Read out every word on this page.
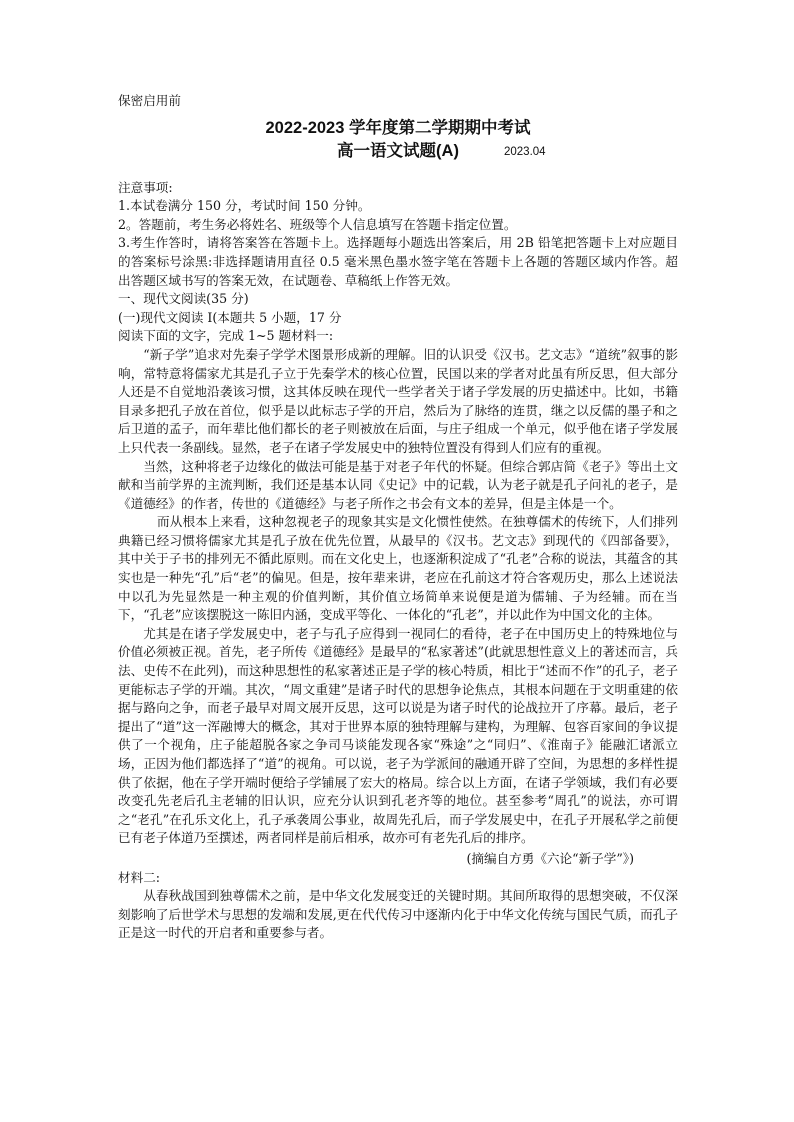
保密启用前

2022-2023 学年度第二学期期中考试

高一语文试题(A)	2023.04

注意事项:

1.本试卷满分 150 分，考试时间 150 分钟。

2。答题前，考生务必将姓名、班级等个人信息填写在答题卡指定位置。

3.考生作答时，请将答案答在答题卡上。选择题每小题选出答案后，用 2B 铅笔把答题卡上对应题目的答案标号涂黑:非选择题请用直径 0.5 毫米黑色墨水签字笔在答题卡上各题的答题区域内作答。超出答题区域书写的答案无效，在试题卷、草稿纸上作答无效。

一、现代文阅读(35 分)

(一)现代文阅读 I(本题共 5 小题，17 分

阅读下面的文字，完成 1~5 题材料一:

“新子学”追求对先秦子学学术图景形成新的理解。旧的认识受《汉书。艺文志》“道统”叙事的影响，常特意将儒家尤其是孔子立于先秦学术的核心位置，民国以来的学者对此虽有所反思，但大部分人还是不自觉地沿袭该习惯，这其体反映在现代一些学者关于诸子学发展的历史描述中。比如，书籍目录多把孔子放在首位，似乎是以此标志子学的开启，然后为了脉络的连贯，继之以反儒的墨子和之后卫道的孟子，而年辈比他们都长的老子则被放在后面，与庄子组成一个单元，似乎他在诸子学发展上只代表一条副线。显然，老子在诸子学发展史中的独特位置没有得到人们应有的重视。

当然，这种将老子边缘化的做法可能是基于对老子年代的怀疑。但综合郭店简《老子》等出土文献和当前学界的主流判断，我们还是基本认同《史记》中的记载，认为老子就是孔子问礼的老子，是《道德经》的作者，传世的《道德经》与老子所作之书会有文本的差异，但是主体是一个。

而从根本上来看，这种忽视老子的现象其实是文化惯性使然。在独尊儒术的传统下，人们排列典籍已经习惯将儒家尤其是孔子放在优先位置，从最早的《汉书。艺文志》到现代的《四部备要》，其中关于子书的排列无不循此原则。而在文化史上，也逐渐积淀成了“孔老”合称的说法，其蕴含的其实也是一种先“孔”后“老”的偏见。但是，按年辈来讲，老应在孔前这才符合客观历史，那么上述说法中以孔为先显然是一种主观的价值判断，其价值立场简单来说便是道为儒辅、子为经辅。而在当下，“孔老”应该摆脱这一陈旧内涵，变成平等化、一体化的“孔老”，并以此作为中国文化的主体。

尤其是在诸子学发展史中，老子与孔子应得到一视同仁的看待，老子在中国历史上的特殊地位与价值必须被正视。首先，老子所传《道德经》是最早的“私家著述”(此就思想性意义上的著述而言，兵法、史传不在此列)，而这种思想性的私家著述正是子学的核心特质，相比于“述而不作”的孔子，老子更能标志子学的开端。其次，“周文重建”是诸子时代的思想争论焦点，其根本问题在于文明重建的依据与路向之争，而老子最早对周文展开反思，这可以说是为诸子时代的论战拉开了序幕。最后，老子提出了“道”这一浑融博大的概念，其对于世界本原的独特理解与建构，为理解、包容百家间的争议提供了一个视角，庄子能超脱各家之争司马谈能发现各家“殊途”之“同归”、《淮南子》能融汇诸派立场，正因为他们都选择了“道”的视角。可以说，老子为学派间的融通开辟了空间，为思想的多样性提供了依据，他在子学开端时便给子学铺展了宏大的格局。综合以上方面，在诸子学领域，我们有必要改变孔先老后孔主老辅的旧认识，应充分认识到孔老齐等的地位。甚至参考“周孔”的说法，亦可谓之“老孔”在孔乐文化上，孔子承袭周公事业，故周先孔后，而子学发展史中，在孔子开展私学之前便已有老子体道乃至撰述，两者同样是前后相承，故亦可有老先孔后的排序。

(摘编自方勇《六论“新子学”》)

材料二:

从春秋战国到独尊儒术之前，是中华文化发展变迁的关键时期。其间所取得的思想突破，不仅深刻影响了后世学术与思想的发端和发展,更在代代传习中逐渐内化于中华文化传统与国民气质，而孔子正是这一时代的开启者和重要参与者。
